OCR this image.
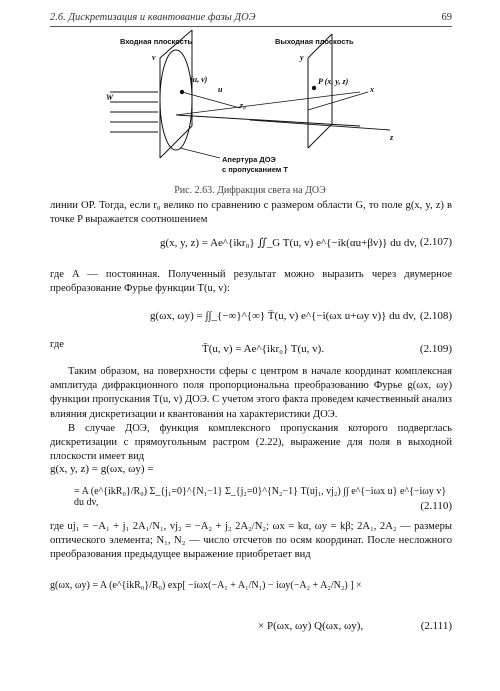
2.6. Дискретизация и квантование фазы ДОЭ	69
Входная плоскость	Выходная плоскость
v
(u, v)
u
W
r₀
x
y
P (x, y, z)
z
Апертура ДОЭ
с пропусканием T
Рис. 2.63. Дифракция света на ДОЭ
линии OP. Тогда, если r₀ велико по сравнению с размером области G, то поле g(x, y, z) в точке P выражается соотношением
g(x, y, z) = Ae^{ikr₀} ∬_G T(u, v) e^{−ik(αu+βv)} du dv, (2.107)
где A — постоянная. Полученный результат можно выразить через двумерное преобразование Фурье функции T(u, v):
g(ωx, ωy) = ∫∫_{−∞}^{∞} T̄(u, v) e^{−i(ωx u+ωy v)} du dv, (2.108)
где	T̄(u, v) = Ae^{ikr₀} T(u, v).	(2.109)
Таким образом, на поверхности сферы с центром в начале координат комплексная амплитуда дифракционного поля пропорциональна преобразованию Фурье g(ωx, ωy) функции пропускания T(u, v) ДОЭ. С учетом этого факта проведем качественный анализ влияния дискретизации и квантования на характеристики ДОЭ.
В случае ДОЭ, функция комплексного пропускания которого подверглась дискретизации с прямоугольным растром (2.22), выражение для поля в выходной плоскости имеет вид
g(x, y, z) = g(ωx, ωy) =
= A (e^{ikR₀}/R₀) Σ_{j₁=0}^{N₁−1} Σ_{j₂=0}^{N₂−1} T(uj₁, vj₂) ∫∫ e^{−iωx u} e^{−iωy v} du dv,	(2.110)
где uj₁ = −A₁ + j₁ 2A₁/N₁, vj₂ = −A₂ + j₂ 2A₂/N₂; ωx = kα, ωy = kβ; 2A₁, 2A₂ — размеры оптического элемента; N₁, N₂ — число отсчетов по осям координат. После несложного преобразования предыдущее выражение приобретает вид
g(ωx, ωy) = A (e^{ikR₀}/R₀) exp[ −iωx(−A₁ + A₁/N₁) − iωy(−A₂ + A₂/N₂) ] ×
× P(ωx, ωy) Q(ωx, ωy),	(2.111)
